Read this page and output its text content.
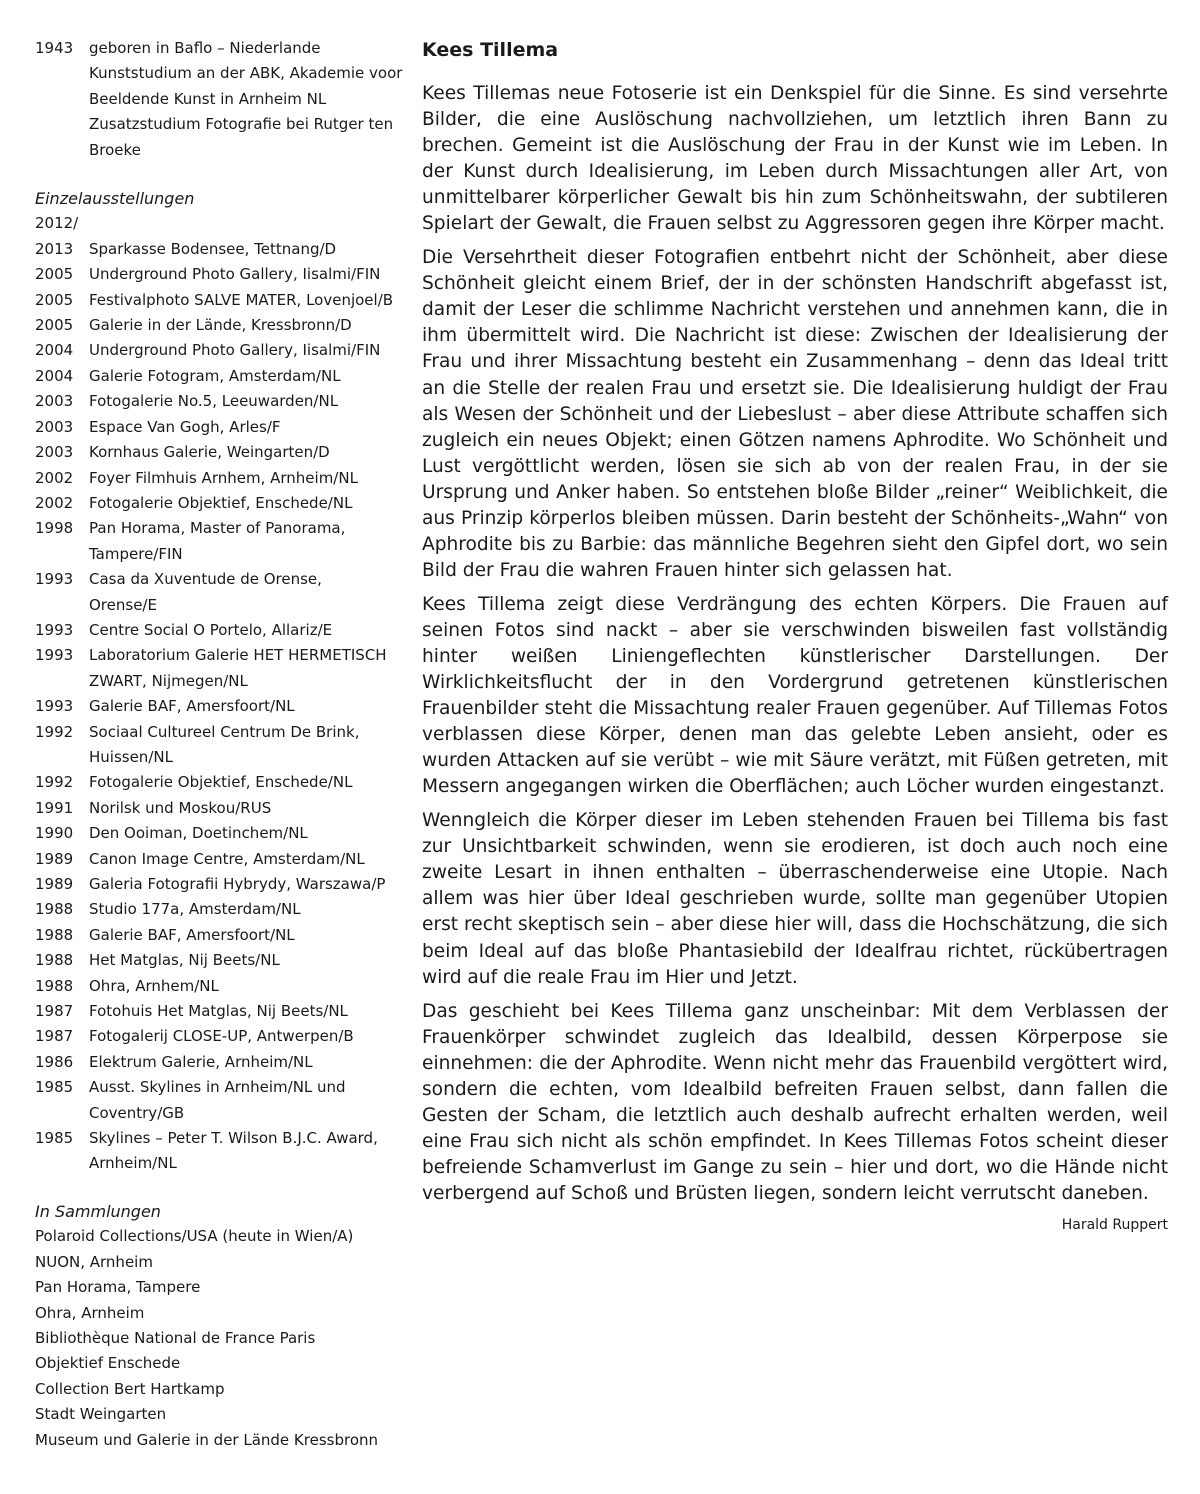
1943	geboren in Baflo – Niederlande
Kunststudium an der ABK, Akademie voor Beeldende Kunst in Arnheim NL
Zusatzstudium Fotografie bei Rutger ten Broeke
Einzelausstellungen
2012/
2013	Sparkasse Bodensee, Tettnang/D
2005	Underground Photo Gallery, Iisalmi/FIN
2005	Festivalphoto SALVE MATER, Lovenjoel/B
2005	Galerie in der Lände, Kressbronn/D
2004	Underground Photo Gallery, Iisalmi/FIN
2004	Galerie Fotogram, Amsterdam/NL
2003	Fotogalerie No.5, Leeuwarden/NL
2003	Espace Van Gogh, Arles/F
2003	Kornhaus Galerie, Weingarten/D
2002	Foyer Filmhuis Arnhem, Arnheim/NL
2002	Fotogalerie Objektief, Enschede/NL
1998	Pan Horama, Master of Panorama,
Tampere/FIN
1993	Casa da Xuventude de Orense,
Orense/E
1993	Centre Social O Portelo, Allariz/E
1993	Laboratorium Galerie HET HERMETISCH
ZWART, Nijmegen/NL
1993	Galerie BAF, Amersfoort/NL
1992	Sociaal Cultureel Centrum De Brink,
Huissen/NL
1992	Fotogalerie Objektief, Enschede/NL
1991	Norilsk und Moskou/RUS
1990	Den Ooiman, Doetinchem/NL
1989	Canon Image Centre, Amsterdam/NL
1989	Galeria Fotografii Hybrydy, Warszawa/P
1988	Studio 177a, Amsterdam/NL
1988	Galerie BAF, Amersfoort/NL
1988	Het Matglas, Nij Beets/NL
1988	Ohra, Arnhem/NL
1987	Fotohuis Het Matglas, Nij Beets/NL
1987	Fotogalerij CLOSE-UP, Antwerpen/B
1986	Elektrum Galerie, Arnheim/NL
1985	Ausst. Skylines in Arnheim/NL und
Coventry/GB
1985	Skylines – Peter T. Wilson B.J.C. Award,
Arnheim/NL
In Sammlungen
Polaroid Collections/USA (heute in Wien/A)
NUON, Arnheim
Pan Horama, Tampere
Ohra, Arnheim
Bibliothèque National de France Paris
Objektief Enschede
Collection Bert Hartkamp
Stadt Weingarten
Museum und Galerie in der Lände Kressbronn
Kees Tillema

Kees Tillemas neue Fotoserie ist ein Denkspiel für die Sinne. Es sind versehrte Bilder, die eine Auslöschung nachvollziehen, um letztlich ihren Bann zu brechen. Gemeint ist die Auslöschung der Frau in der Kunst wie im Leben. In der Kunst durch Idealisierung, im Leben durch Missachtungen aller Art, von unmittelbarer körperlicher Gewalt bis hin zum Schönheitswahn, der subtileren Spielart der Gewalt, die Frauen selbst zu Aggressoren gegen ihre Körper macht.

Die Versehrtheit dieser Fotografien entbehrt nicht der Schönheit, aber diese Schönheit gleicht einem Brief, der in der schönsten Handschrift abgefasst ist, damit der Leser die schlimme Nachricht verstehen und annehmen kann, die in ihm übermittelt wird. Die Nachricht ist diese: Zwischen der Idealisierung der Frau und ihrer Missachtung besteht ein Zusammenhang – denn das Ideal tritt an die Stelle der realen Frau und ersetzt sie. Die Idealisierung huldigt der Frau als Wesen der Schönheit und der Liebeslust – aber diese Attribute schaffen sich zugleich ein neues Objekt; einen Götzen namens Aphrodite. Wo Schönheit und Lust vergöttlicht werden, lösen sie sich ab von der realen Frau, in der sie Ursprung und Anker haben. So entstehen bloße Bilder „reiner“ Weiblichkeit, die aus Prinzip körperlos bleiben müssen. Darin besteht der Schönheits-„Wahn“ von Aphrodite bis zu Barbie: das männliche Begehren sieht den Gipfel dort, wo sein Bild der Frau die wahren Frauen hinter sich gelassen hat.

Kees Tillema zeigt diese Verdrängung des echten Körpers. Die Frauen auf seinen Fotos sind nackt – aber sie verschwinden bisweilen fast vollständig hinter weißen Liniengeflechten künstlerischer Darstellungen. Der Wirklichkeitsflucht der in den Vordergrund getretenen künstlerischen Frauenbilder steht die Missachtung realer Frauen gegenüber. Auf Tillemas Fotos verblassen diese Körper, denen man das gelebte Leben ansieht, oder es wurden Attacken auf sie verübt – wie mit Säure verätzt, mit Füßen getreten, mit Messern angegangen wirken die Oberflächen; auch Löcher wurden eingestanzt.

Wenngleich die Körper dieser im Leben stehenden Frauen bei Tillema bis fast zur Unsichtbarkeit schwinden, wenn sie erodieren, ist doch auch noch eine zweite Lesart in ihnen enthalten – überraschenderweise eine Utopie. Nach allem was hier über Ideal geschrieben wurde, sollte man gegenüber Utopien erst recht skeptisch sein – aber diese hier will, dass die Hochschätzung, die sich beim Ideal auf das bloße Phantasiebild der Idealfrau richtet, rückübertragen wird auf die reale Frau im Hier und Jetzt.

Das geschieht bei Kees Tillema ganz unscheinbar: Mit dem Verblassen der Frauenkörper schwindet zugleich das Idealbild, dessen Körperpose sie einnehmen: die der Aphrodite. Wenn nicht mehr das Frauenbild vergöttert wird, sondern die echten, vom Idealbild befreiten Frauen selbst, dann fallen die Gesten der Scham, die letztlich auch deshalb aufrecht erhalten werden, weil eine Frau sich nicht als schön empfindet. In Kees Tillemas Fotos scheint dieser befreiende Schamverlust im Gange zu sein – hier und dort, wo die Hände nicht verbergend auf Schoß und Brüsten liegen, sondern leicht verrutscht daneben.

Harald Ruppert
